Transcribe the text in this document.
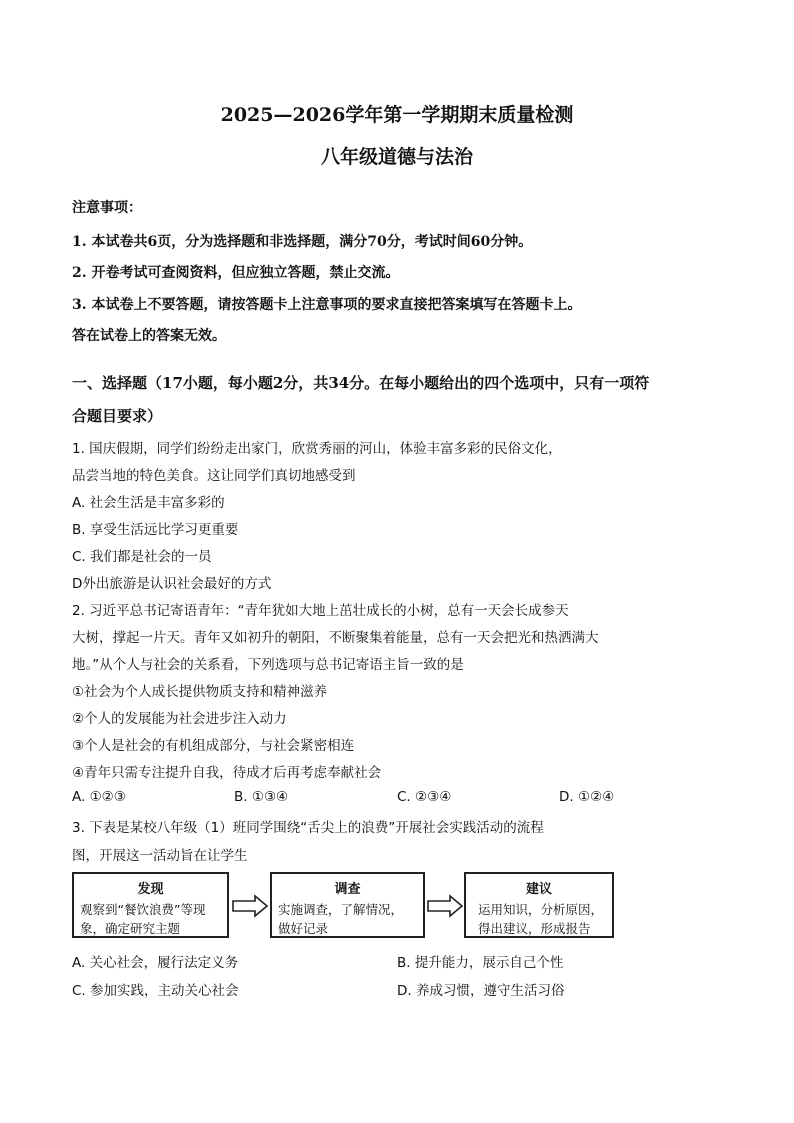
2025—2026学年第一学期期末质量检测
八年级道德与法治
注意事项：
1. 本试卷共6页，分为选择题和非选择题，满分70分，考试时间60分钟。
2. 开卷考试可查阅资料，但应独立答题，禁止交流。
3. 本试卷上不要答题，请按答题卡上注意事项的要求直接把答案填写在答题卡上。
答在试卷上的答案无效。
一、选择题（17小题，每小题2分，共34分。在每小题给出的四个选项中，只有一项符
合题目要求）
1. 国庆假期，同学们纷纷走出家门，欣赏秀丽的河山，体验丰富多彩的民俗文化，
品尝当地的特色美食。这让同学们真切地感受到
A. 社会生活是丰富多彩的
B. 享受生活远比学习更重要
C. 我们都是社会的一员
D外出旅游是认识社会最好的方式
2. 习近平总书记寄语青年：“青年犹如大地上茁壮成长的小树，总有一天会长成参天
大树，撑起一片天。青年又如初升的朝阳，不断聚集着能量，总有一天会把光和热洒满大
地。”从个人与社会的关系看，下列选项与总书记寄语主旨一致的是
①社会为个人成长提供物质支持和精神滋养
②个人的发展能为社会进步注入动力
③个人是社会的有机组成部分，与社会紧密相连
④青年只需专注提升自我，待成才后再考虑奉献社会
A. ①②③	B. ①③④	C. ②③④	D. ①②④
3. 下表是某校八年级（1）班同学围绕“舌尖上的浪费”开展社会实践活动的流程
图，开展这一活动旨在让学生
发现
观察到“餐饮浪费”等现
象，确定研究主题
调查
实施调查，了解情况，
做好记录
建议
运用知识，分析原因，
得出建议，形成报告
A. 关心社会，履行法定义务	B. 提升能力，展示自己个性
C. 参加实践，主动关心社会	D. 养成习惯，遵守生活习俗
